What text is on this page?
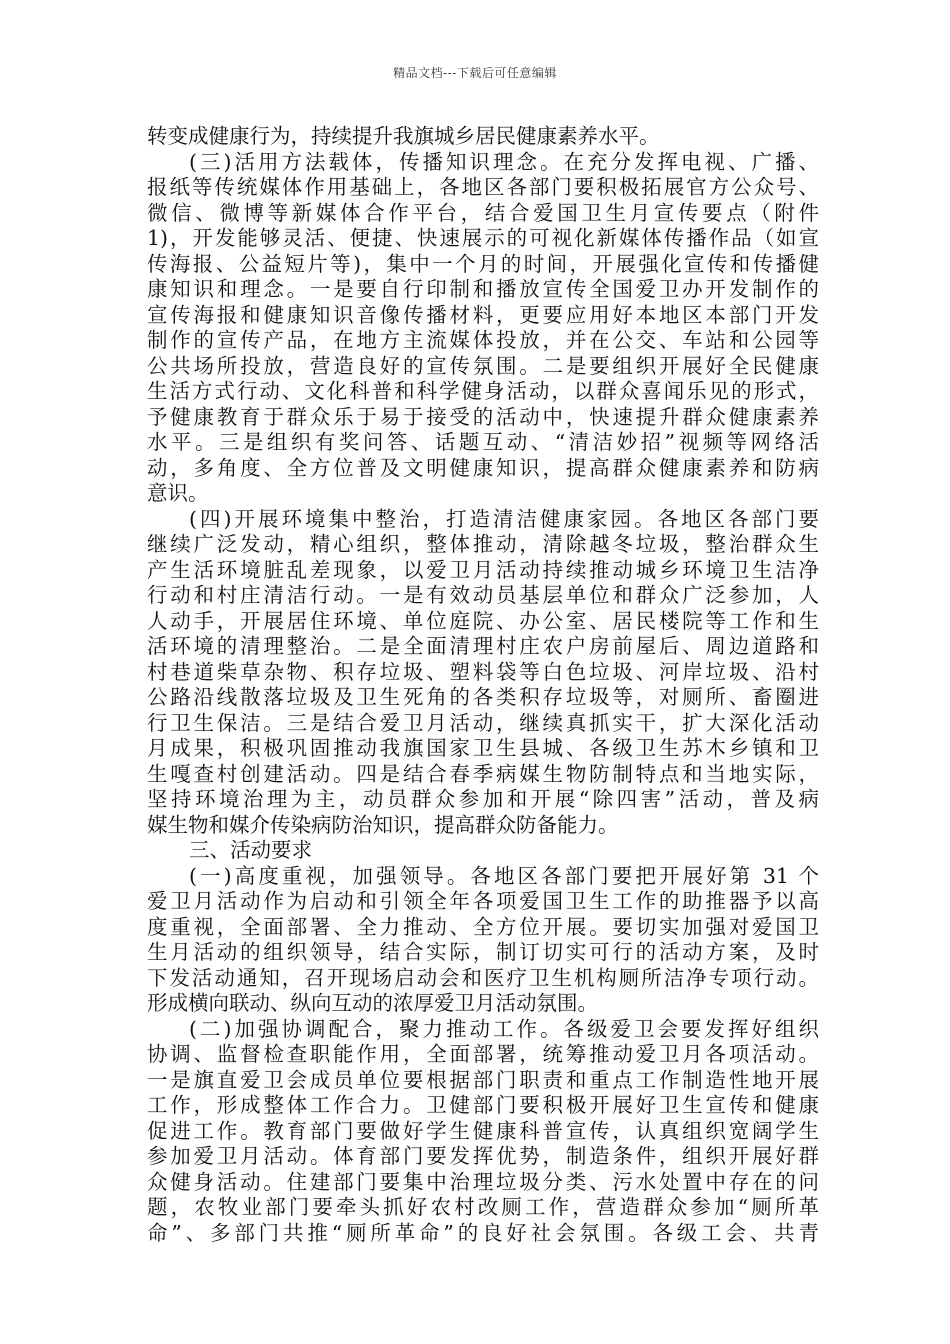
精品文档---下载后可任意编辑
转变成健康行为，持续提升我旗城乡居民健康素养水平。
(三)活用方法载体，传播知识理念。在充分发挥电视、广播、
报纸等传统媒体作用基础上，各地区各部门要积极拓展官方公众号、
微信、微博等新媒体合作平台，结合爱国卫生月宣传要点（附件
1)，开发能够灵活、便捷、快速展示的可视化新媒体传播作品（如宣
传海报、公益短片等)，集中一个月的时间，开展强化宣传和传播健
康知识和理念。一是要自行印制和播放宣传全国爱卫办开发制作的
宣传海报和健康知识音像传播材料，更要应用好本地区本部门开发
制作的宣传产品，在地方主流媒体投放，并在公交、车站和公园等
公共场所投放，营造良好的宣传氛围。二是要组织开展好全民健康
生活方式行动、文化科普和科学健身活动，以群众喜闻乐见的形式，
予健康教育于群众乐于易于接受的活动中，快速提升群众健康素养
水平。三是组织有奖问答、话题互动、“清洁妙招”视频等网络活
动，多角度、全方位普及文明健康知识，提高群众健康素养和防病
意识。
(四)开展环境集中整治，打造清洁健康家园。各地区各部门要
继续广泛发动，精心组织，整体推动，清除越冬垃圾，整治群众生
产生活环境脏乱差现象，以爱卫月活动持续推动城乡环境卫生洁净
行动和村庄清洁行动。一是有效动员基层单位和群众广泛参加，人
人动手，开展居住环境、单位庭院、办公室、居民楼院等工作和生
活环境的清理整治。二是全面清理村庄农户房前屋后、周边道路和
村巷道柴草杂物、积存垃圾、塑料袋等白色垃圾、河岸垃圾、沿村
公路沿线散落垃圾及卫生死角的各类积存垃圾等，对厕所、畜圈进
行卫生保洁。三是结合爱卫月活动，继续真抓实干，扩大深化活动
月成果，积极巩固推动我旗国家卫生县城、各级卫生苏木乡镇和卫
生嘎查村创建活动。四是结合春季病媒生物防制特点和当地实际，
坚持环境治理为主，动员群众参加和开展“除四害”活动，普及病
媒生物和媒介传染病防治知识，提高群众防备能力。
三、活动要求
(一)高度重视，加强领导。各地区各部门要把开展好第 31 个
爱卫月活动作为启动和引领全年各项爱国卫生工作的助推器予以高
度重视，全面部署、全力推动、全方位开展。要切实加强对爱国卫
生月活动的组织领导，结合实际，制订切实可行的活动方案，及时
下发活动通知，召开现场启动会和医疗卫生机构厕所洁净专项行动。
形成横向联动、纵向互动的浓厚爱卫月活动氛围。
(二)加强协调配合，聚力推动工作。各级爱卫会要发挥好组织
协调、监督检查职能作用，全面部署，统筹推动爱卫月各项活动。
一是旗直爱卫会成员单位要根据部门职责和重点工作制造性地开展
工作，形成整体工作合力。卫健部门要积极开展好卫生宣传和健康
促进工作。教育部门要做好学生健康科普宣传，认真组织宽阔学生
参加爱卫月活动。体育部门要发挥优势，制造条件，组织开展好群
众健身活动。住建部门要集中治理垃圾分类、污水处置中存在的问
题，农牧业部门要牵头抓好农村改厕工作，营造群众参加“厕所革
命”、多部门共推“厕所革命”的良好社会氛围。各级工会、共青
